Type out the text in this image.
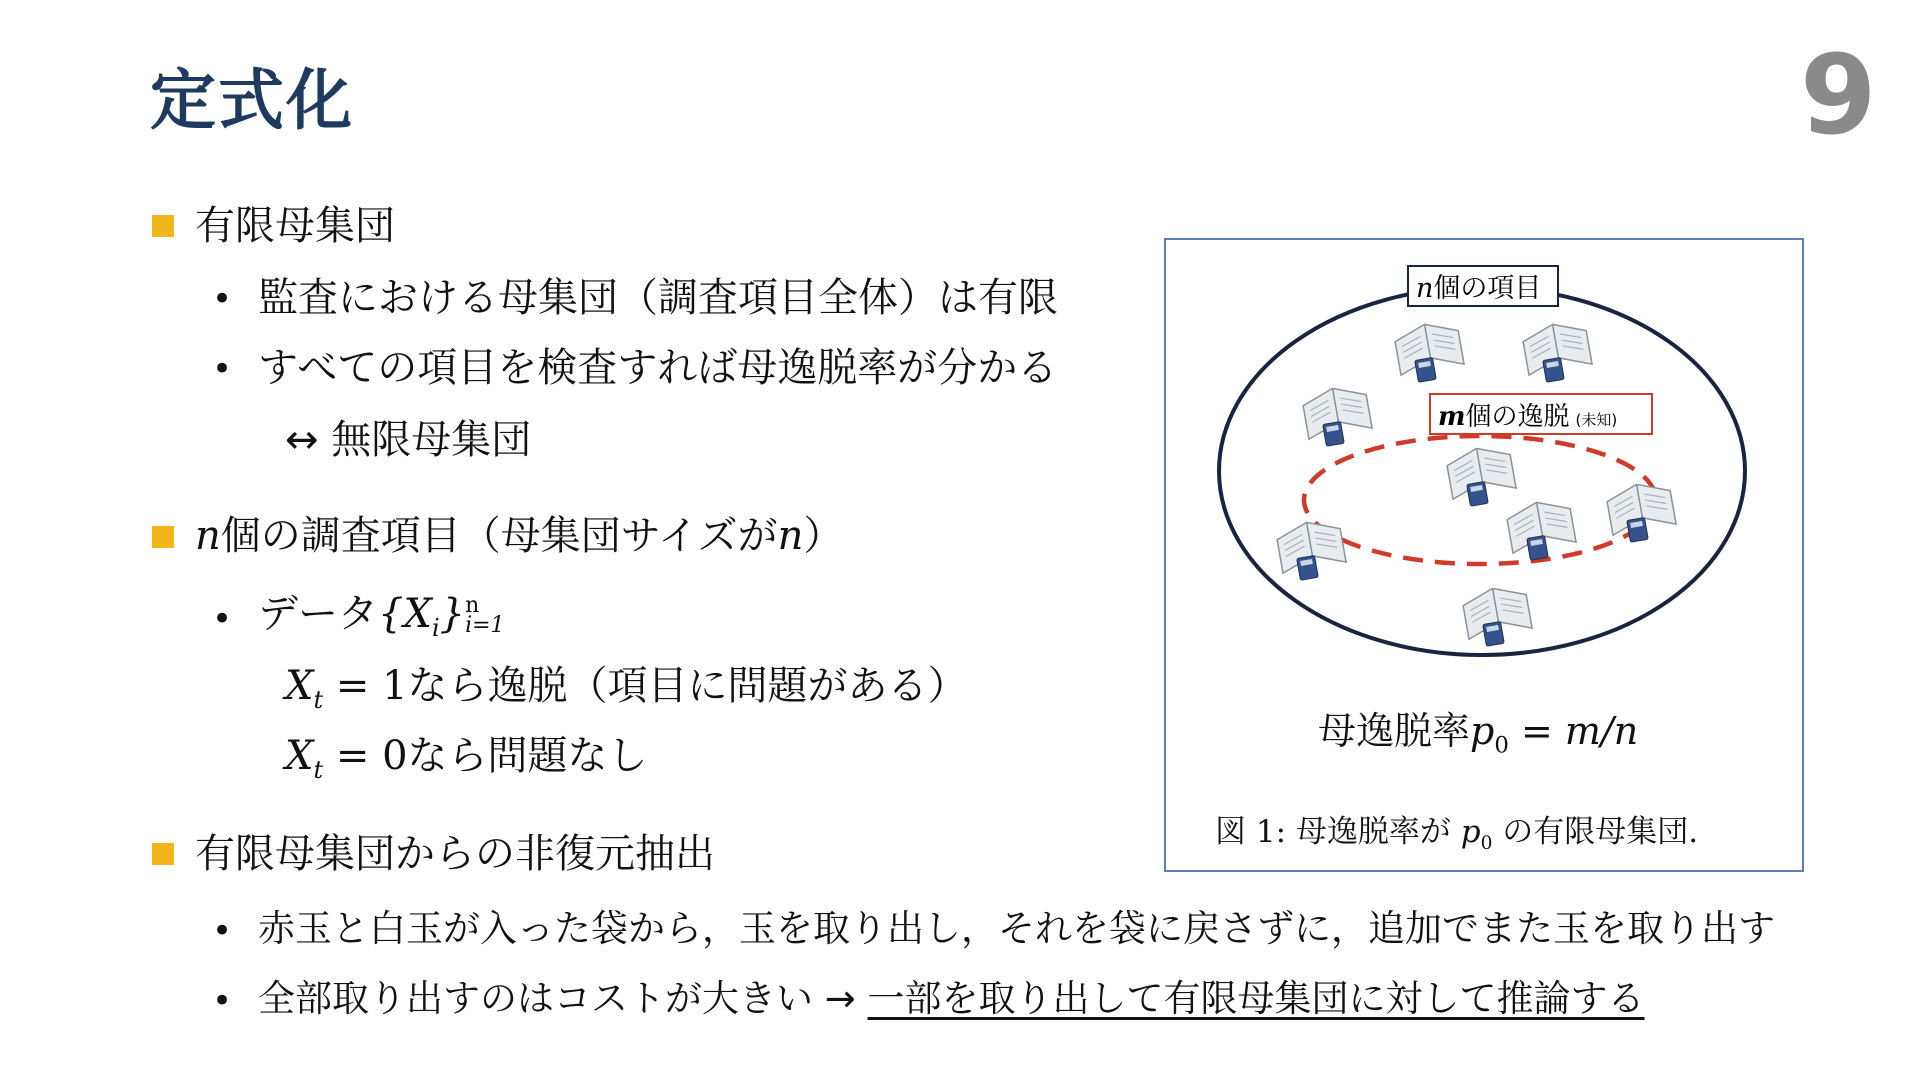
定式化	9
有限母集団
• 監査における母集団（調査項目全体）は有限
• すべての項目を検査すれば母逸脱率が分かる
↔ 無限母集団
n個の調査項目（母集団サイズがn）
• データ$\{X_i\}$ n
i=1
$X_t = 1$なら逸脱（項目に問題がある）
$X_t = 0$なら問題なし
有限母集団からの非復元抽出
• 赤玉と白玉が入った袋から，玉を取り出し，それを袋に戻さずに，追加でまた玉を取り出す
• 全部取り出すのはコストが大きい → 一部を取り出して有限母集団に対して推論する
n個の項目
m個の逸脱 (未知)
母逸脱率$p_0 = m/n$
図 1: 母逸脱率が $p_0$ の有限母集団.
